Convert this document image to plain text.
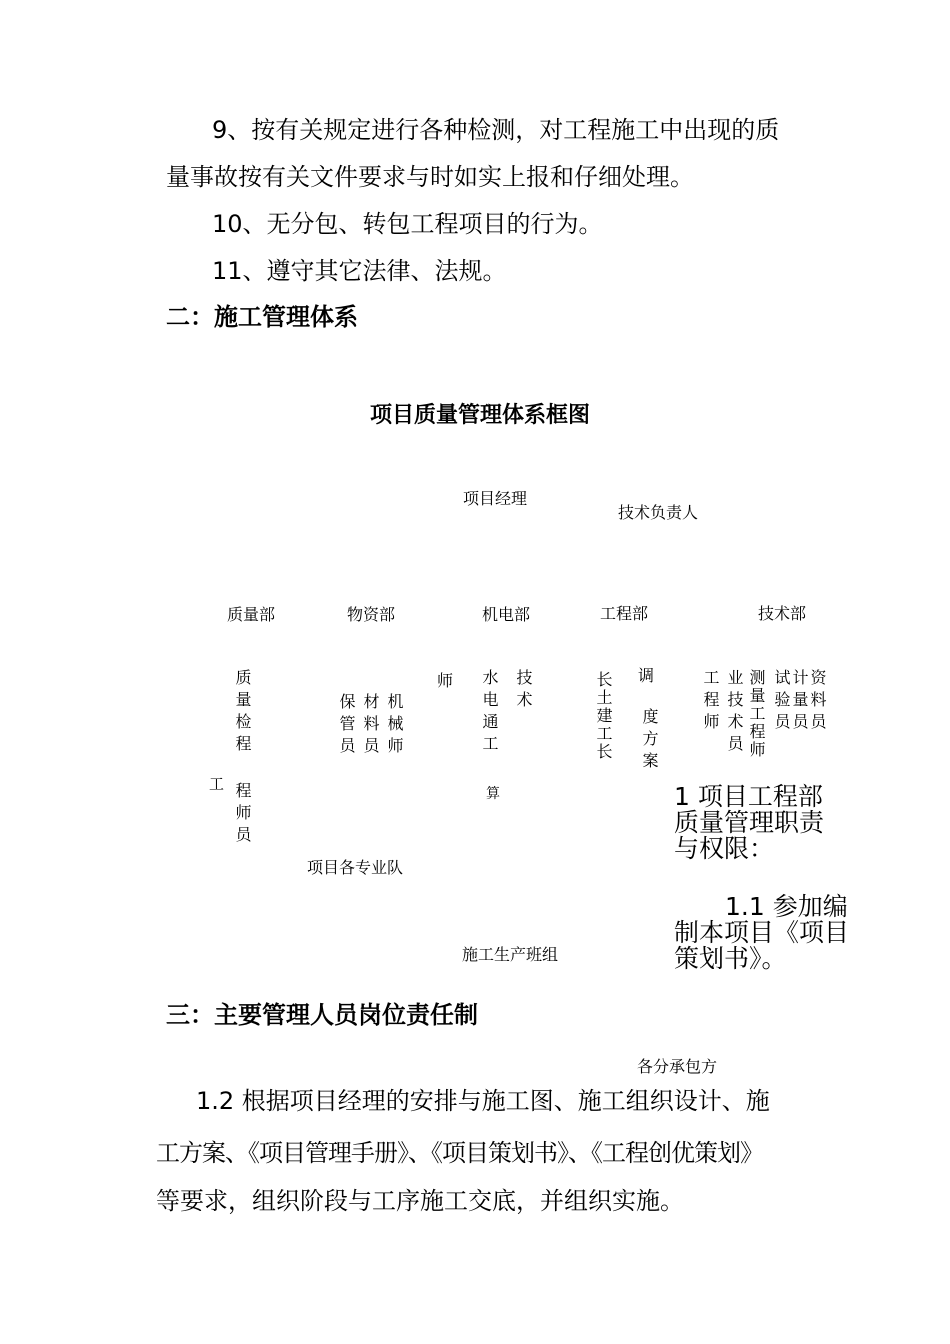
9、按有关规定进行各种检测，对工程施工中出现的质
量事故按有关文件要求与时如实上报和仔细处理。
10、无分包、转包工程项目的行为。
11、遵守其它法律、法规。
二：施工管理体系
项目质量管理体系框图
项目经理
技术负责人
质量部	物资部	机电部	工程部	技术部
质量检程
工 程师员
保管员 材料员 机械师
师 水电通工 技术
算
长土建工长 调
度方案
工程师 业技术员 测量工程师 试验员 计量员 资料员
1 项目工程部
质量管理职责
与权限：
1.1 参加编
制本项目《项目
策划书》。
项目各专业队
施工生产班组
三：主要管理人员岗位责任制
各分承包方
1.2 根据项目经理的安排与施工图、施工组织设计、施
工方案、《项目管理手册》、《项目策划书》、《工程创优策划》
等要求，组织阶段与工序施工交底，并组织实施。
